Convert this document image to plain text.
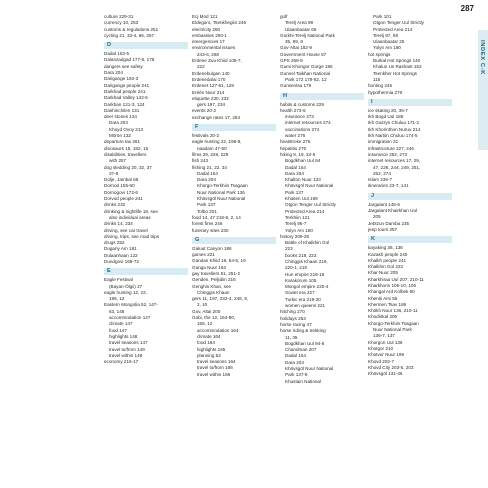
287
culture 229-31
currency 10, 253
customs & regulations 251
cycling 21, 33-4, 66, 257
D
Dadal 153-5
Dalanzadgad 177-8, 178
dangers see safety
Dara 204
Darigange 192-3
Darigange people 241
Darkhad people 241
Darkhad Valley 142-5
Darkhan 121-3, 124
Dashinchilen 131
deer stones 134
Dara 204
Khoyd Ovoy 213
Mörön 132
departure tax 261
dinosaurs 15, 182, 15
disabilities, travellers
with 257
dog sledding 20, 32, 37
37-8
Dolje, Jambal 68
Dornod 155-60
Dornogovi 172-6
Dorvod people 241
drinks 232
drinking & nightlife 18, see
also individual areas
drinks 14, 234
driving, see car travel
driving, trips, see road trips
drugs 252
Dugany Am 181
Dulaanhaan 122
Dundgovi 166-72
E
Eagle Festival
(Bayan-Ölgii) 27
eagle hunting 12, 22,
196, 12
Eastern Mongolia 52, 147-
63, 148
accommodation 147
climate 147
food 147
highlights 148
travel seasons 147
travel to/from 149
travel within 149
economy 216-17
Ecj Mod 121
Eldegoro, Tsenkhegiin 246
electricity 250
embassies 250-1
emergencies 17
environmental issues
243-6, 268
Erdene Zuu Khiid 105-7,
222
Erdenebulgan 140
Erdenedalai 170
Erdenet 127-81, 128
Eréén Nuur 214
etiquette 230, 232
gers 197, 234
events 20-2
exchange rates 17, 254
F
festivals 20-2
eagle hunting 22, 196-8,
naadam 47-50
films 29, 228, 229
fish 243
fishing 21, 22, 34
Dadal 154
Dara 204
Khorgo-Terkhiin Tsagaan
Nuur National Park 136
Khövsgöl Nuur National
Park 137
Tolbo 201
food 14, 47 218-9, 2, 14
forest fires 246
funerary sites 230
G
Galuut Canyon 186
games 221
Gandan Khiid 19, 64-5, 19
Ganga Nuur 163
gay travellers 51, 251-2
Genden, Peljidiin 216
Genghis Khan, see
Chinggis Khaan
gers 11, 197, 232-4, 249, 9,
2, 10
Gov, Altai 200
Gobi, the 12, 164-80,
165, 12
accommodation 164
climate 164
food 164
highlights 165
planning 52
travel seasons 164
travel to/from 166
travel within 166
golf
Terelj Area 99
Ulaanbaatar 68
Gorkhi-Terelj National Park
35, 99, 8
Gov-Altai 182-9
Government House 57
GPS 268-9
Gumi Khongor Gorge 186
Gunnel Taikhan National
Park 172 178-82, 12
Gunsentsa 179
H
habits & customs 229
health 273-6
insurance 273
internet resources 274
vaccinations 274
water 276
heatstroke 276
hepatitis 275
hiking 8, 19, 34-5
Bogdkhan Uul 94
Dadal 154
Dara 204
Khalton Nuur 133
Khövsgöl Nuur National
Park 137
Khüiten Uul 199
Otgon Tenger Uul Strictly
Protected Area 214
Terkhiin 121
Terelj 96-7
Yolyn Am 180
history 209-26
Battle of Khalkhin Gol
223
books 219, 223
Chinggis Khaan 219,
220-1, 219
Hun empire 218-19
Karakorum 105
Mongol empire 220-4
Soviet era 227
Turkic era 219-20
women queens 221
hitching 270
holidays 253
horse racing 47
horse riding & trekking
11, 35
Bogdkhan Uul 94-5
Chandman 207
Dadal 154
Dara 204
Khövsgöl Nuur National
Park 137-8
Khustain National
Park 101
Otgon Tenger Uul Strictly
Protected Area 214
Terelj 97, 98
Ulaanbaatar 25
Yolyn Am 180
hot springs
Burkal Hot Springs 140
Khalun Us Rashant 152
Tsenkher Hot Springs
115
hunting 245
hypothermia 276
I
ice skating 20, 36-7
Ikh Bogd Uul 186
Ikh Gazryn Chuluu 171-2
Ikh Khorinthon Nuruu 214
Ikh Nartiin Chuluu 174-5
immigration 31
infrastructure 227, 246
insurance 252, 273
internet resources 17, 29,
47, 226, 244, 249, 251,
252, 274
Islam 236-7
itineraries 23-7, 141
J
Jargalant 145-6
Jargalant Khairkhan Uul
205
Jebtzun Damba 235
jeep tours 257
K
kayaking 36, 138
Kazakh people 240
Khalkh people 241
Khalkhin Gol 223
Khar Nuur 205
Kharkhiraa Uul 207, 210-11
Kharkhorin 105-10, 106
Khangal Ard Kolbek 60
Khentii Ami 55
Khermen Tsav 186
Khökh Nuur 136, 210-11
Khodiirkal 206
Khorgo-Terkhiin Tsagaan
Nuur National Park
136-7, 137
Khorgon Uul 136
Khotgor 210
Khotvor Nuur 199
Khovd 202-7
Khovd City 203-5, 203
Khövsgöl 131-46
INDEX C-K
